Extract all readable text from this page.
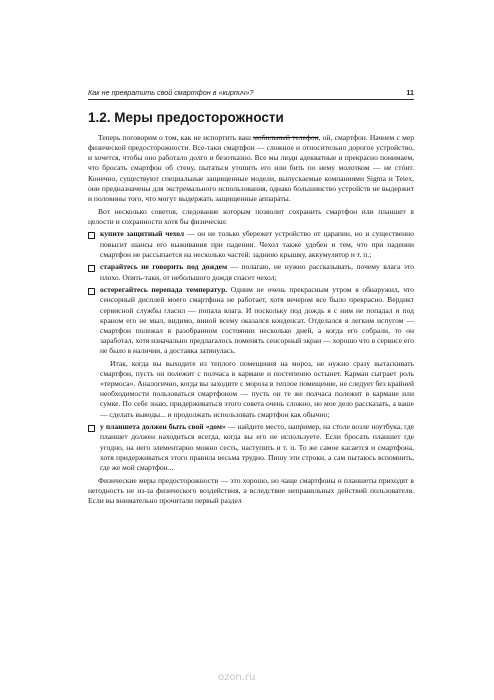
Как не превратить свой смартфон в «кирпич»?	11
1.2. Меры предосторожности

Теперь поговорим о том, как не испортить ваш мобильный телефон, ой, смартфон. Начнем с мер физической предосторожности. Все-таки смартфон — сложное и относительно дорогое устройство, и хочется, чтобы оно работало долго и безотказно. Все мы люди адекватные и прекрасно понимаем, что бросать смартфон об стену, пытаться утопить его или бить по нему молотком — не стóит. Конечно, существуют специальные защищенные модели, выпускаемые компаниями Sigma и Teiex, они предназначены для экстремального использования, однако большинство устройств не выдержит и половины того, что могут выдержать защищенные аппараты.

Вот несколько советов, следование которым позволит сохранить смартфон или планшет в целости и сохранности хотя бы физически:

купите защитный чехол — он не только убережет устройство от царапин, но и существенно повысит шансы его выживания при падении. Чехол также удобен и тем, что при падении смартфон не рассыпается на несколько частей: заднюю крышку, аккумулятор и т. п.;
старайтесь не говорить под дождем — полагаю, не нужно рассказывать, почему влага это плохо. Опять-таки, от небольшого дождя спасет чехол;
остерегайтесь перепада температур. Одним не очень прекрасным утром я обнаружил, что сенсорный дисплей моего смартфона не работает, хотя вечером все было прекрасно. Вердикт сервисной службы гласил — попала влага. И поскольку под дождь я с ним не попадал и под краном его не мыл, видимо, виной всему оказался конденсат. Отделался я легким испугом — смартфон полежал в разобранном состоянии несколько дней, а когда его собрали, то он заработал, хотя изначально предлагалось поменять сенсорный экран — хорошо что в сервисе его не было в наличии, а доставка затянулась.

Итак, когда вы выходите из теплого помещения на мороз, не нужно сразу вытаскивать смартфон, пусть он полежит с полчаса в кармане и постепенно остынет. Карман сыграет роль «термоса». Аналогично, когда вы заходите с мороза в теплое помещение, не следует без крайней необходимости пользоваться смартфоном — пусть он те же полчаса полежит в кармане или сумке. По себе знаю, придерживаться этого совета очень сложно, но мое дело рассказать, а ваше — сделать выводы... и продолжать использовать смартфон как обычно;

у планшета должен быть свой «дом» — найдите место, например, на столе возле ноутбука, где планшет должен находиться всегда, когда вы его не используете. Если бросать планшет где угодно, на него элементарно можно сесть, наступить и т. п. То же самое касается и смартфона, хотя придерживаться этого правила весьма трудно. Пишу эти строки, а сам пытаюсь вспомнить, где же мой смартфон...

Физические меры предосторожности — это хорошо, но чаще смартфоны и планшеты приходят в негодность не из-за физического воздействия, а вследствие неправильных действий пользователя. Если вы внимательно прочитали первый раздел

ozon.ru
